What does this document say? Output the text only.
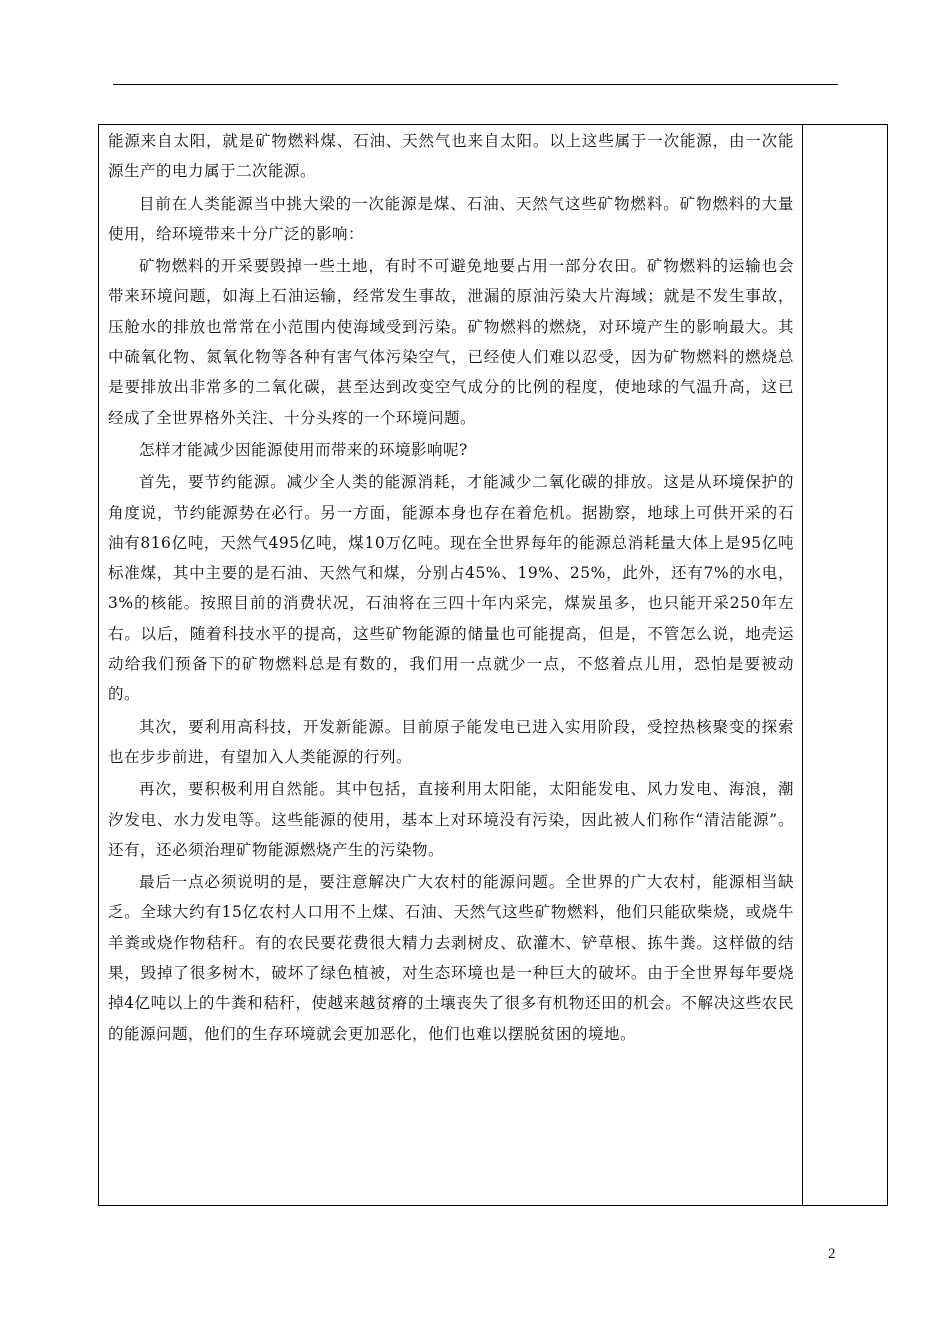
能源来自太阳，就是矿物燃料煤、石油、天然气也来自太阳。以上这些属于一次能源，由一次能源生产的电力属于二次能源。

目前在人类能源当中挑大梁的一次能源是煤、石油、天然气这些矿物燃料。矿物燃料的大量使用，给环境带来十分广泛的影响：

矿物燃料的开采要毁掉一些土地，有时不可避免地要占用一部分农田。矿物燃料的运输也会带来环境问题，如海上石油运输，经常发生事故，泄漏的原油污染大片海域；就是不发生事故，压舱水的排放也常常在小范围内使海域受到污染。矿物燃料的燃烧，对环境产生的影响最大。其中硫氧化物、氮氧化物等各种有害气体污染空气，已经使人们难以忍受，因为矿物燃料的燃烧总是要排放出非常多的二氧化碳，甚至达到改变空气成分的比例的程度，使地球的气温升高，这已经成了全世界格外关注、十分头疼的一个环境问题。

怎样才能减少因能源使用而带来的环境影响呢?

首先，要节约能源。减少全人类的能源消耗，才能减少二氧化碳的排放。这是从环境保护的角度说，节约能源势在必行。另一方面，能源本身也存在着危机。据勘察，地球上可供开采的石油有816亿吨，天然气495亿吨，煤10万亿吨。现在全世界每年的能源总消耗量大体上是95亿吨标准煤，其中主要的是石油、天然气和煤，分别占45%、19%、25%，此外，还有7%的水电，3%的核能。按照目前的消费状况，石油将在三四十年内采完，煤炭虽多，也只能开采250年左右。以后，随着科技水平的提高，这些矿物能源的储量也可能提高，但是，不管怎么说，地壳运动给我们预备下的矿物燃料总是有数的，我们用一点就少一点，不悠着点儿用，恐怕是要被动的。

其次，要利用高科技，开发新能源。目前原子能发电已进入实用阶段，受控热核聚变的探索也在步步前进，有望加入人类能源的行列。

再次，要积极利用自然能。其中包括，直接利用太阳能，太阳能发电、风力发电、海浪，潮汐发电、水力发电等。这些能源的使用，基本上对环境没有污染，因此被人们称作“清洁能源”。还有，还必须治理矿物能源燃烧产生的污染物。

最后一点必须说明的是，要注意解决广大农村的能源问题。全世界的广大农村，能源相当缺乏。全球大约有15亿农村人口用不上煤、石油、天然气这些矿物燃料，他们只能砍柴烧，或烧牛羊粪或烧作物秸秆。有的农民要花费很大精力去剥树皮、砍灌木、铲草根、拣牛粪。这样做的结果，毁掉了很多树木，破坏了绿色植被，对生态环境也是一种巨大的破坏。由于全世界每年要烧掉4亿吨以上的牛粪和秸秆，使越来越贫瘠的土壤丧失了很多有机物还田的机会。不解决这些农民的能源问题，他们的生存环境就会更加恶化，他们也难以摆脱贫困的境地。

2
